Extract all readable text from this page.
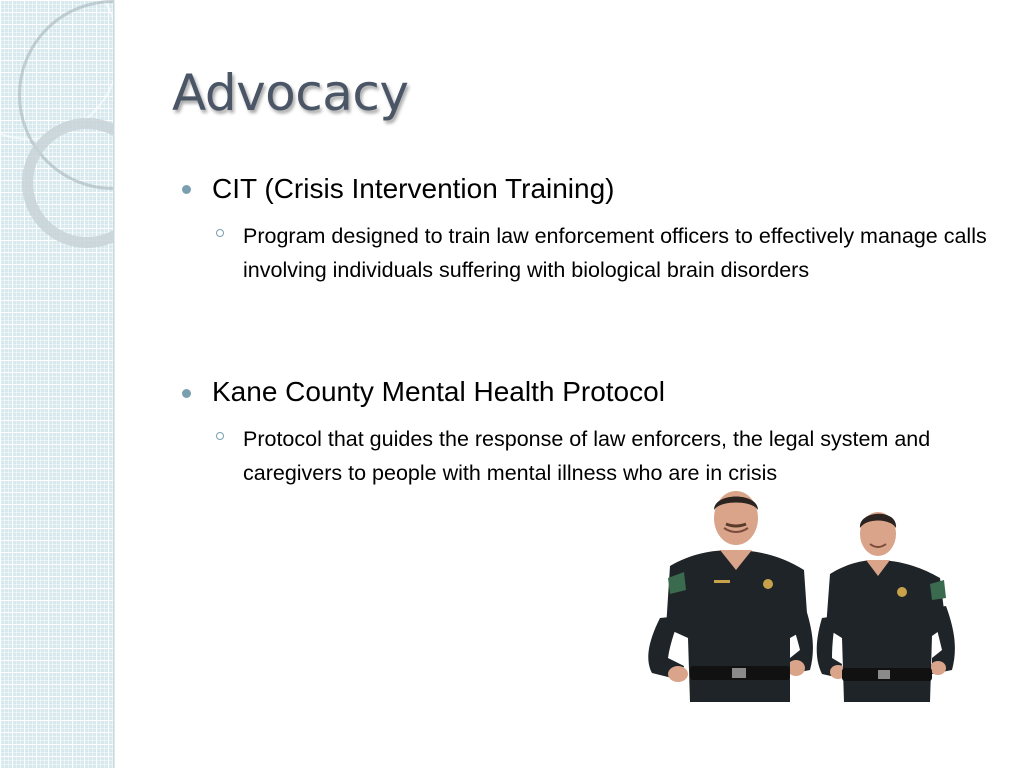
Advocacy
CIT (Crisis Intervention Training)
Program designed to train law enforcement officers to effectively manage calls involving individuals suffering with biological brain disorders
Kane County Mental Health Protocol
Protocol that guides the response of law enforcers, the legal system and caregivers to people with mental illness who are in crisis
